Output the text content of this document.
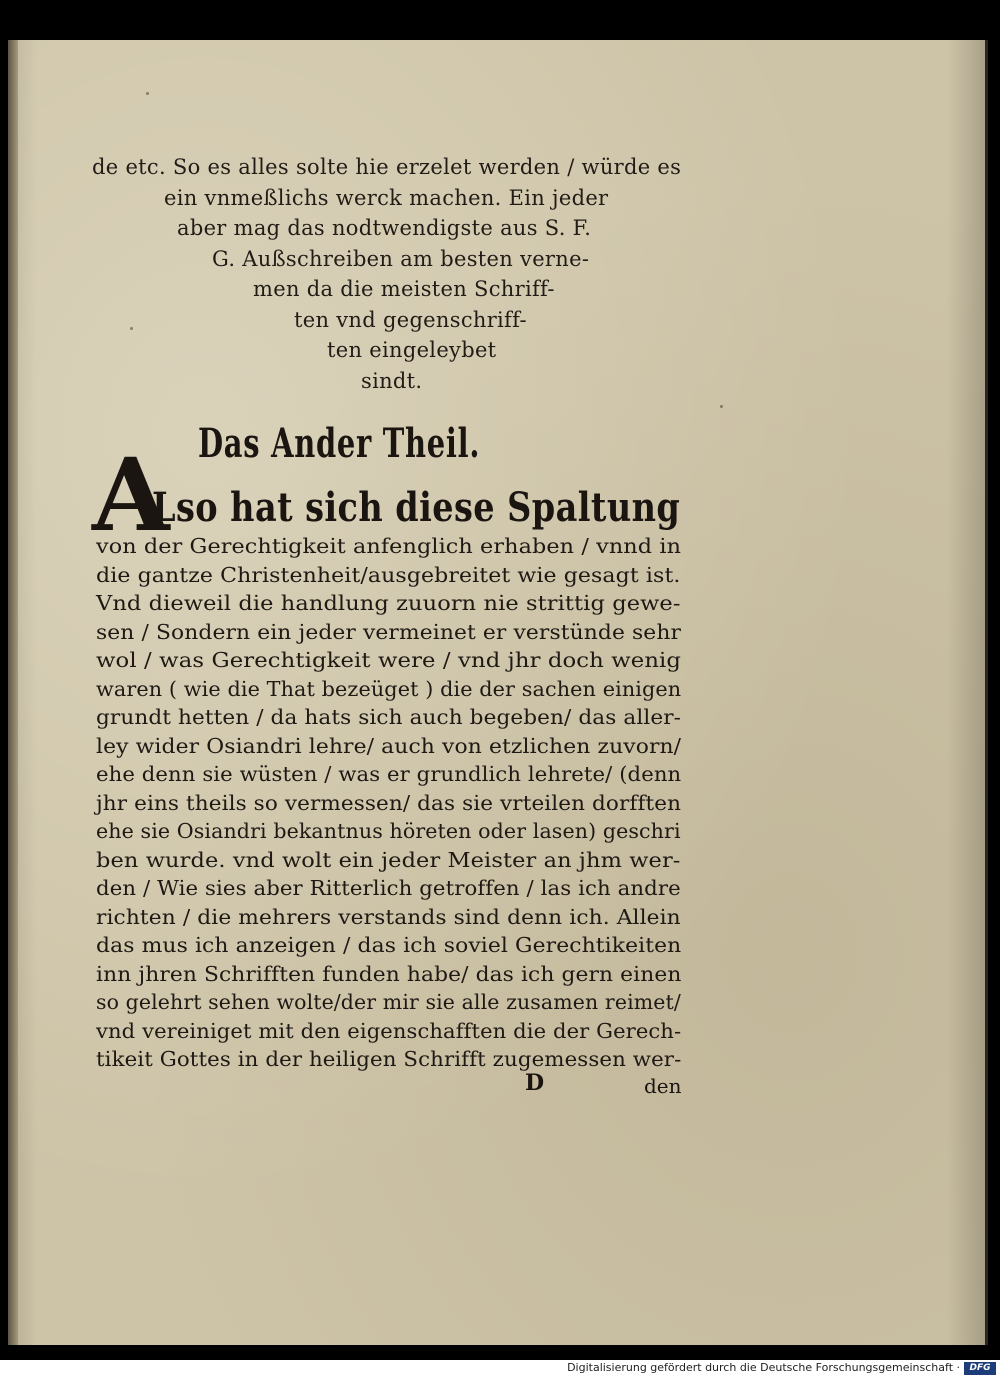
de etc. So es alles solte hie erzelet werden / würde es
ein vnmeßlichs werck machen. Ein jeder
aber mag das nodtwendigste aus S. F.
G. Außschreiben am besten verne-
men da die meisten Schriff-
ten vnd gegenschriff-
ten eingeleybet
sindt.
Das Ander Theil.
A
Lso hat sich diese Spaltung
von der Gerechtigkeit anfenglich erhaben / vnnd in
die gantze Christenheit/ausgebreitet wie gesagt ist.
Vnd dieweil die handlung zuuorn nie strittig gewe-
sen / Sondern ein jeder vermeinet er verstünde sehr
wol / was Gerechtigkeit were / vnd jhr doch wenig
waren ( wie die That bezeüget ) die der sachen einigen
grundt hetten / da hats sich auch begeben/ das aller-
ley wider Osiandri lehre/ auch von etzlichen zuvorn/
ehe denn sie wüsten / was er grundlich lehrete/ (denn
jhr eins theils so vermessen/ das sie vrteilen dorfften
ehe sie Osiandri bekantnus höreten oder lasen) geschri
ben wurde. vnd wolt ein jeder Meister an jhm wer-
den / Wie sies aber Ritterlich getroffen / las ich andre
richten / die mehrers verstands sind denn ich. Allein
das mus ich anzeigen / das ich soviel Gerechtikeiten
inn jhren Schrifften funden habe/ das ich gern einen
so gelehrt sehen wolte/der mir sie alle zusamen reimet/
vnd vereiniget mit den eigenschafften die der Gerech-
tikeit Gottes in der heiligen Schrifft zugemessen wer-
D	den
Digitalisierung gefördert durch die Deutsche Forschungsgemeinschaft ·	DFG
